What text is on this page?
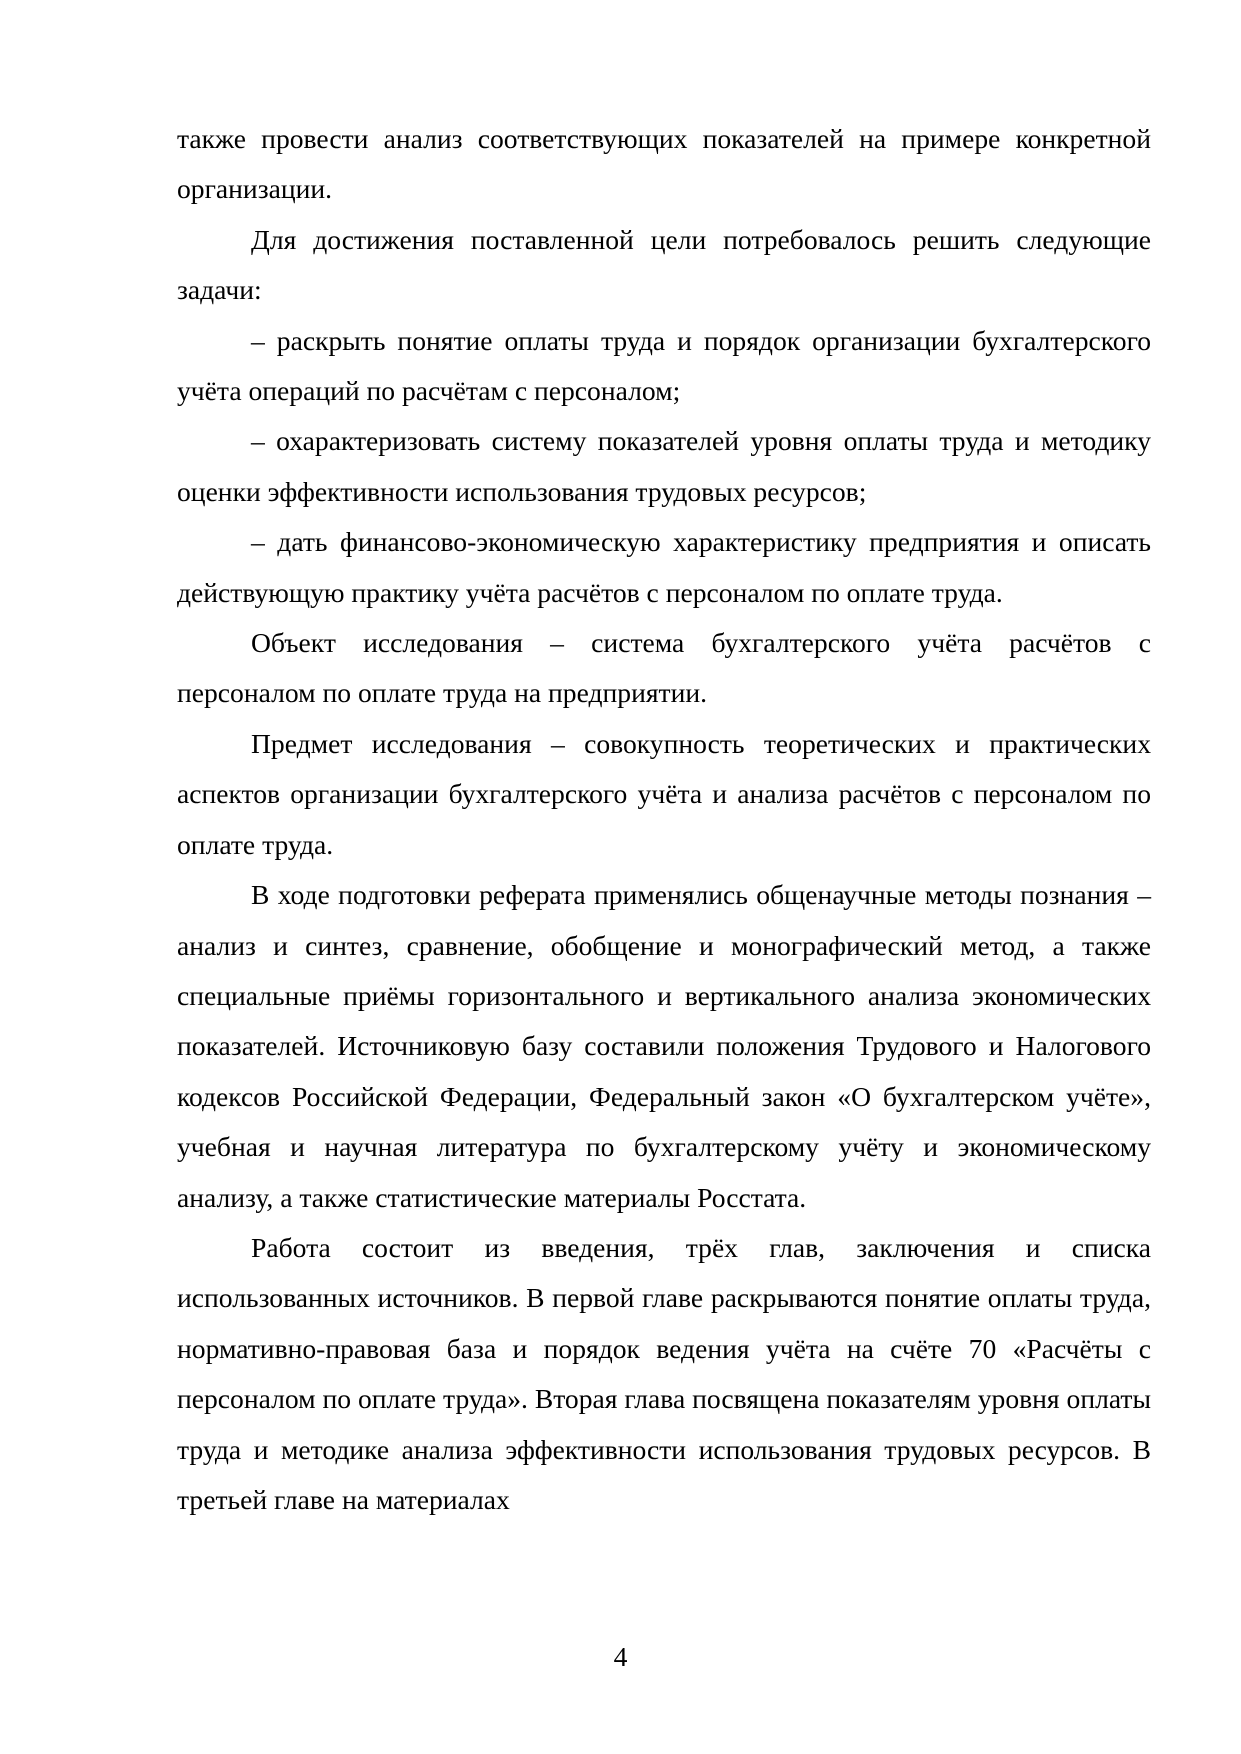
также провести анализ соответствующих показателей на примере конкретной организации.

Для достижения поставленной цели потребовалось решить следующие задачи:

– раскрыть понятие оплаты труда и порядок организации бухгалтерского учёта операций по расчётам с персоналом;

– охарактеризовать систему показателей уровня оплаты труда и методику оценки эффективности использования трудовых ресурсов;

– дать финансово-экономическую характеристику предприятия и описать действующую практику учёта расчётов с персоналом по оплате труда.

Объект исследования – система бухгалтерского учёта расчётов с персоналом по оплате труда на предприятии.

Предмет исследования – совокупность теоретических и практических аспектов организации бухгалтерского учёта и анализа расчётов с персоналом по оплате труда.

В ходе подготовки реферата применялись общенаучные методы познания – анализ и синтез, сравнение, обобщение и монографический метод, а также специальные приёмы горизонтального и вертикального анализа экономических показателей. Источниковую базу составили положения Трудового и Налогового кодексов Российской Федерации, Федеральный закон «О бухгалтерском учёте», учебная и научная литература по бухгалтерскому учёту и экономическому анализу, а также статистические материалы Росстата.

Работа состоит из введения, трёх глав, заключения и списка использованных источников. В первой главе раскрываются понятие оплаты труда, нормативно-правовая база и порядок ведения учёта на счёте 70 «Расчёты с персоналом по оплате труда». Вторая глава посвящена показателям уровня оплаты труда и методике анализа эффективности использования трудовых ресурсов. В третьей главе на материалах

4
